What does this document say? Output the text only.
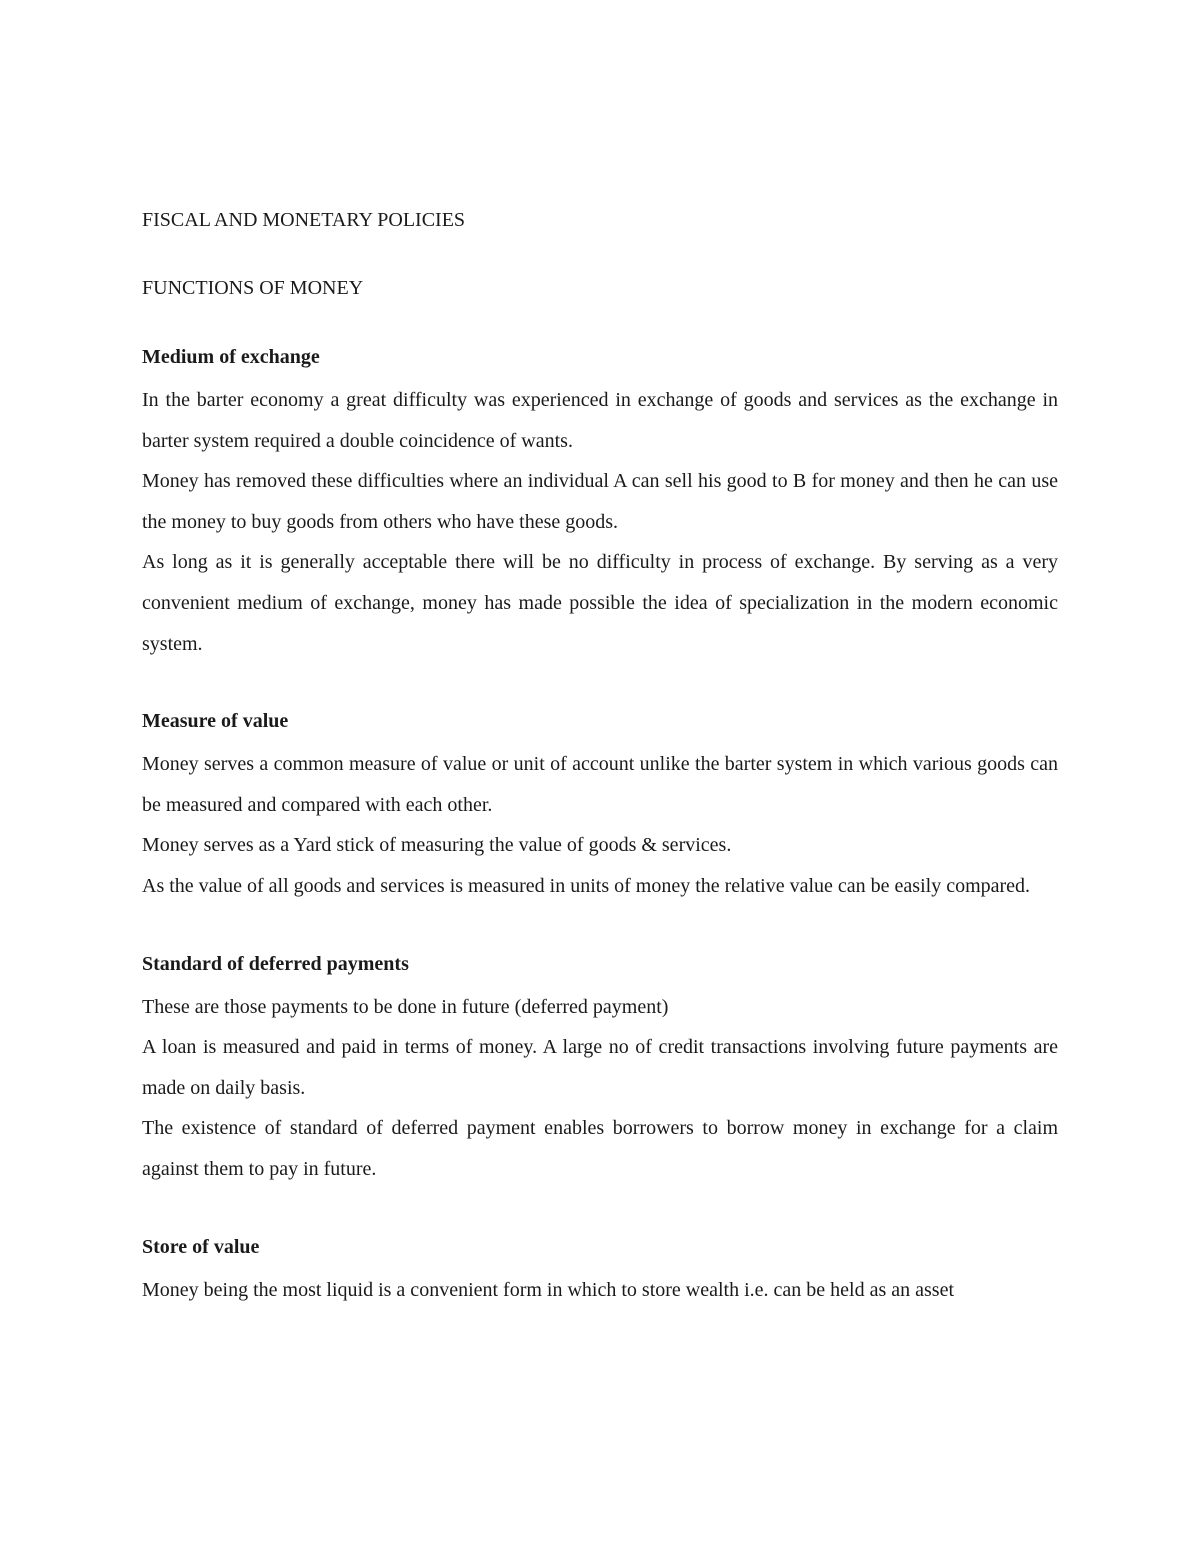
FISCAL AND MONETARY POLICIES
FUNCTIONS OF MONEY
Medium of exchange

In the barter economy a great difficulty was experienced in exchange of goods and services as the exchange in barter system required a double coincidence of wants.

Money has removed these difficulties where an individual A can sell his good to B for money and then he can use the money to buy goods from others who have these goods.

As long as it is generally acceptable there will be no difficulty in process of exchange. By serving as a very convenient medium of exchange, money has made possible the idea of specialization in the modern economic system.

Measure of value

Money serves a common measure of value or unit of account unlike the barter system in which various goods can be measured and compared with each other.

Money serves as a Yard stick of measuring the value of goods & services.

As the value of all goods and services is measured in units of money the relative value can be easily compared.

Standard of deferred payments

These are those payments to be done in future (deferred payment)

A loan is measured and paid in terms of money. A large no of credit transactions involving future payments are made on daily basis.

The existence of standard of deferred payment enables borrowers to borrow money in exchange for a claim against them to pay in future.

Store of value

Money being the most liquid is a convenient form in which to store wealth i.e. can be held as an asset
